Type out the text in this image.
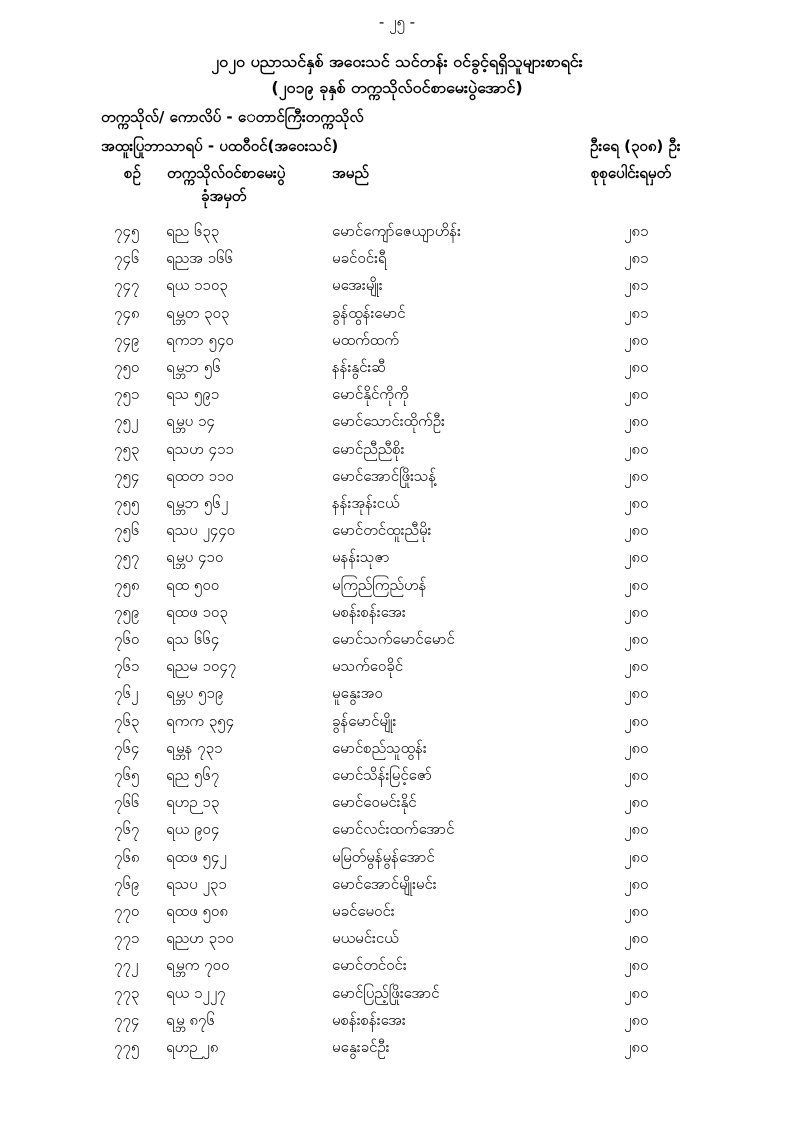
- ၂၅ -
၂၀၂၀ ပညာသင်နှစ် အဝေးသင် သင်တန်း ဝင်ခွင့်ရရှိသူများစာရင်း
(၂၀၁၉ ခုနှစ် တက္ကသိုလ်ဝင်စာမေးပွဲအောင်)
တက္ကသိုလ်/ ကောလိပ် - ‌ေတာင်ကြီးတက္ကသိုလ်
အထူးပြုဘာသာရပ် - ပထဝီဝင်(အဝေးသင်)	ဦးရေ (၃၀၈) ဦး
စဉ် တက္ကသိုလ်ဝင်စာမေးပွဲ
ခုံအမှတ်
အမည်	စုစုပေါင်းရမှတ်
၇၄၅ ရည ၆၃၃	မောင်ကျော်ဇေယျာဟိန်း	၂၈၁
၇၄၆ ရညအ ၁၆၆	မခင်ဝင်းရီ	၂၈၁
၇၄၇ ရယ ၁၁၀၃	မအေးမျိုး	၂၈၁
၇၄၈ ရမ္ဘတ ၃၀၃	ခွန်ထွန်းမောင်	၂၈၁
၇၄၉ ရကဘ ၅၄၀	မထက်ထက်	၂၈၀
၇၅၀ ရမ္ဘဘ ၅၆	နန်းနွင်းဆီ	၂၈၀
၇၅၁ ရသ ၅၉၁	မောင်နိုင်ကိုကို	၂၈၀
၇၅၂ ရမ္ဘပ ၁၄	မောင်သောင်းထိုက်ဦး	၂၈၀
၇၅၃ ရသဟ ၄၁၁	မောင်ညီညီစိုး	၂၈၀
၇၅၄ ရထတ ၁၁၀	မောင်အောင်ဖြိုးသန့်	၂၈၀
၇၅၅ ရမ္ဘဘ ၅၆၂	နန်းအုန်းငယ်	၂၈၀
၇၅၆ ရသပ ၂၄၄၀	မောင်တင်ထူးညီမိုး	၂၈၀
၇၅၇ ရမ္ဘပ ၄၁၀	မနန်းသုဇာ	၂၈၀
၇၅၈ ရထ ၅၀၀	မကြည်ကြည်ဟန်	၂၈၀
၇၅၉ ရထဖ ၁၀၃	မစန်းစန်းအေး	၂၈၀
၇၆၀ ရသ ၆၆၄	မောင်သက်မောင်မောင်	၂၈၀
၇၆၁ ရညမ ၁၀၄၇	မသက်ဝေခိုင်	၂၈၀
၇၆၂ ရမ္ဘပ ၅၁၉	မူနွေးအ၀	၂၈၀
၇၆၃ ရကက ၃၅၄	ခွန်မောင်မျိုး	၂၈၀
၇၆၄ ရမ္ဘန ၇၃၁	မောင်စည်သူထွန်း	၂၈၀
၇၆၅ ရည ၅၆၇	မောင်သိန်းမြင့်ဇော်	၂၈၀
၇၆၆ ရဟဉ ၁၃	မောင်ဝေမင်းနိုင်	၂၈၀
၇၆၇ ရယ ၉၀၄	မောင်လင်းထက်အောင်	၂၈၀
၇၆၈ ရထဖ ၅၄၂	မမြတ်မွန်မွန်အောင်	၂၈၀
၇၆၉ ရသပ ၂၃၁	မောင်အောင်မျိုးမင်း	၂၈၀
၇၇၀ ရထဖ ၅၀၈	မခင်မေဝင်း	၂၈၀
၇၇၁ ရညဟ ၃၁၀	မယမင်းငယ်	၂၈၀
၇၇၂ ရမ္ဘက ၇၀၀	မောင်တင်ဝင်း	၂၈၀
၇၇၃ ရယ ၁၂၂၇	မောင်ပြည့်ဖြိုးအောင်	၂၈၀
၇၇၄ ရမ္ဘ ၈၇၆	မစန်းစန်းအေး	၂၈၀
၇၇၅ ရဟဉ ၂၈	မနွေးခင်ဦး	၂၈၀
